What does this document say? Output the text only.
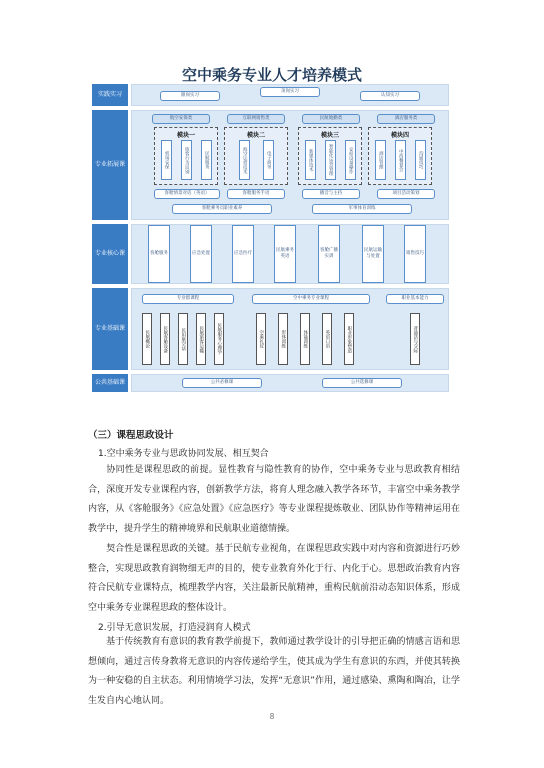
空中乘务专业人才培养模式
实践实习	跟岗实习
顶岗实习
认知实习
专业拓展课
航空安保类	互联网销售类	民航地勤类	酒店服务类
模块一
机场安保	旅客行为识别	民航服务
模块二
海空运营技术	电子商务
模块三
新媒体技术	智能化运营管理	安检设备操作
模块四
酒店管理	中西餐宴会	沟通技巧
客舱情景对话（英语）	客舱服务手语	播音与主持	项目活动策划
客舱乘务员职业素养	军事体育训练
专业核心课	客舱服务	应急处置	应急医疗
民航乘务英语
客舱广播实训
民航运输与处置
销售技巧
专业基础课
专业群课程	空中乘务专业课程	职业基本能力
民航概论	民航客舱设备	民用航空法	民航旅客运输	民航服务心理学	空乘礼仪	形体训练	体能训练	英语口语	职业形象塑造	普通话与交际
公共基础课	公共必修课	公共选修课
（三）课程思政设计
1.空中乘务专业与思政协同发展、相互契合
协同性是课程思政的前提。显性教育与隐性教育的协作，空中乘务专业与思政教育相结合，深度开发专业课程内容，创新教学方法，将育人理念融入教学各环节，丰富空中乘务教学内容，从《客舱服务》《应急处置》《应急医疗》等专业课程提炼敬业、团队协作等精神运用在教学中，提升学生的精神境界和民航职业道德情操。
契合性是课程思政的关键。基于民航专业视角，在课程思政实践中对内容和资源进行巧妙整合，实现思政教育润物细无声的目的，使专业教育外化于行、内化于心。思想政治教育内容符合民航专业课特点，梳理教学内容，关注最新民航精神，重构民航前沿动态知识体系，形成空中乘务专业课程思政的整体设计。
2.引导无意识发展，打造浸润育人模式
基于传统教育有意识的教育教学前提下，教师通过教学设计的引导把正确的情感言语和思想倾向，通过言传身教将无意识的内容传递给学生，使其成为学生有意识的东西，并使其转换为一种安稳的自主状态。利用情境学习法，发挥“无意识”作用，通过感染、熏陶和陶冶，让学生发自内心地认同。
8
